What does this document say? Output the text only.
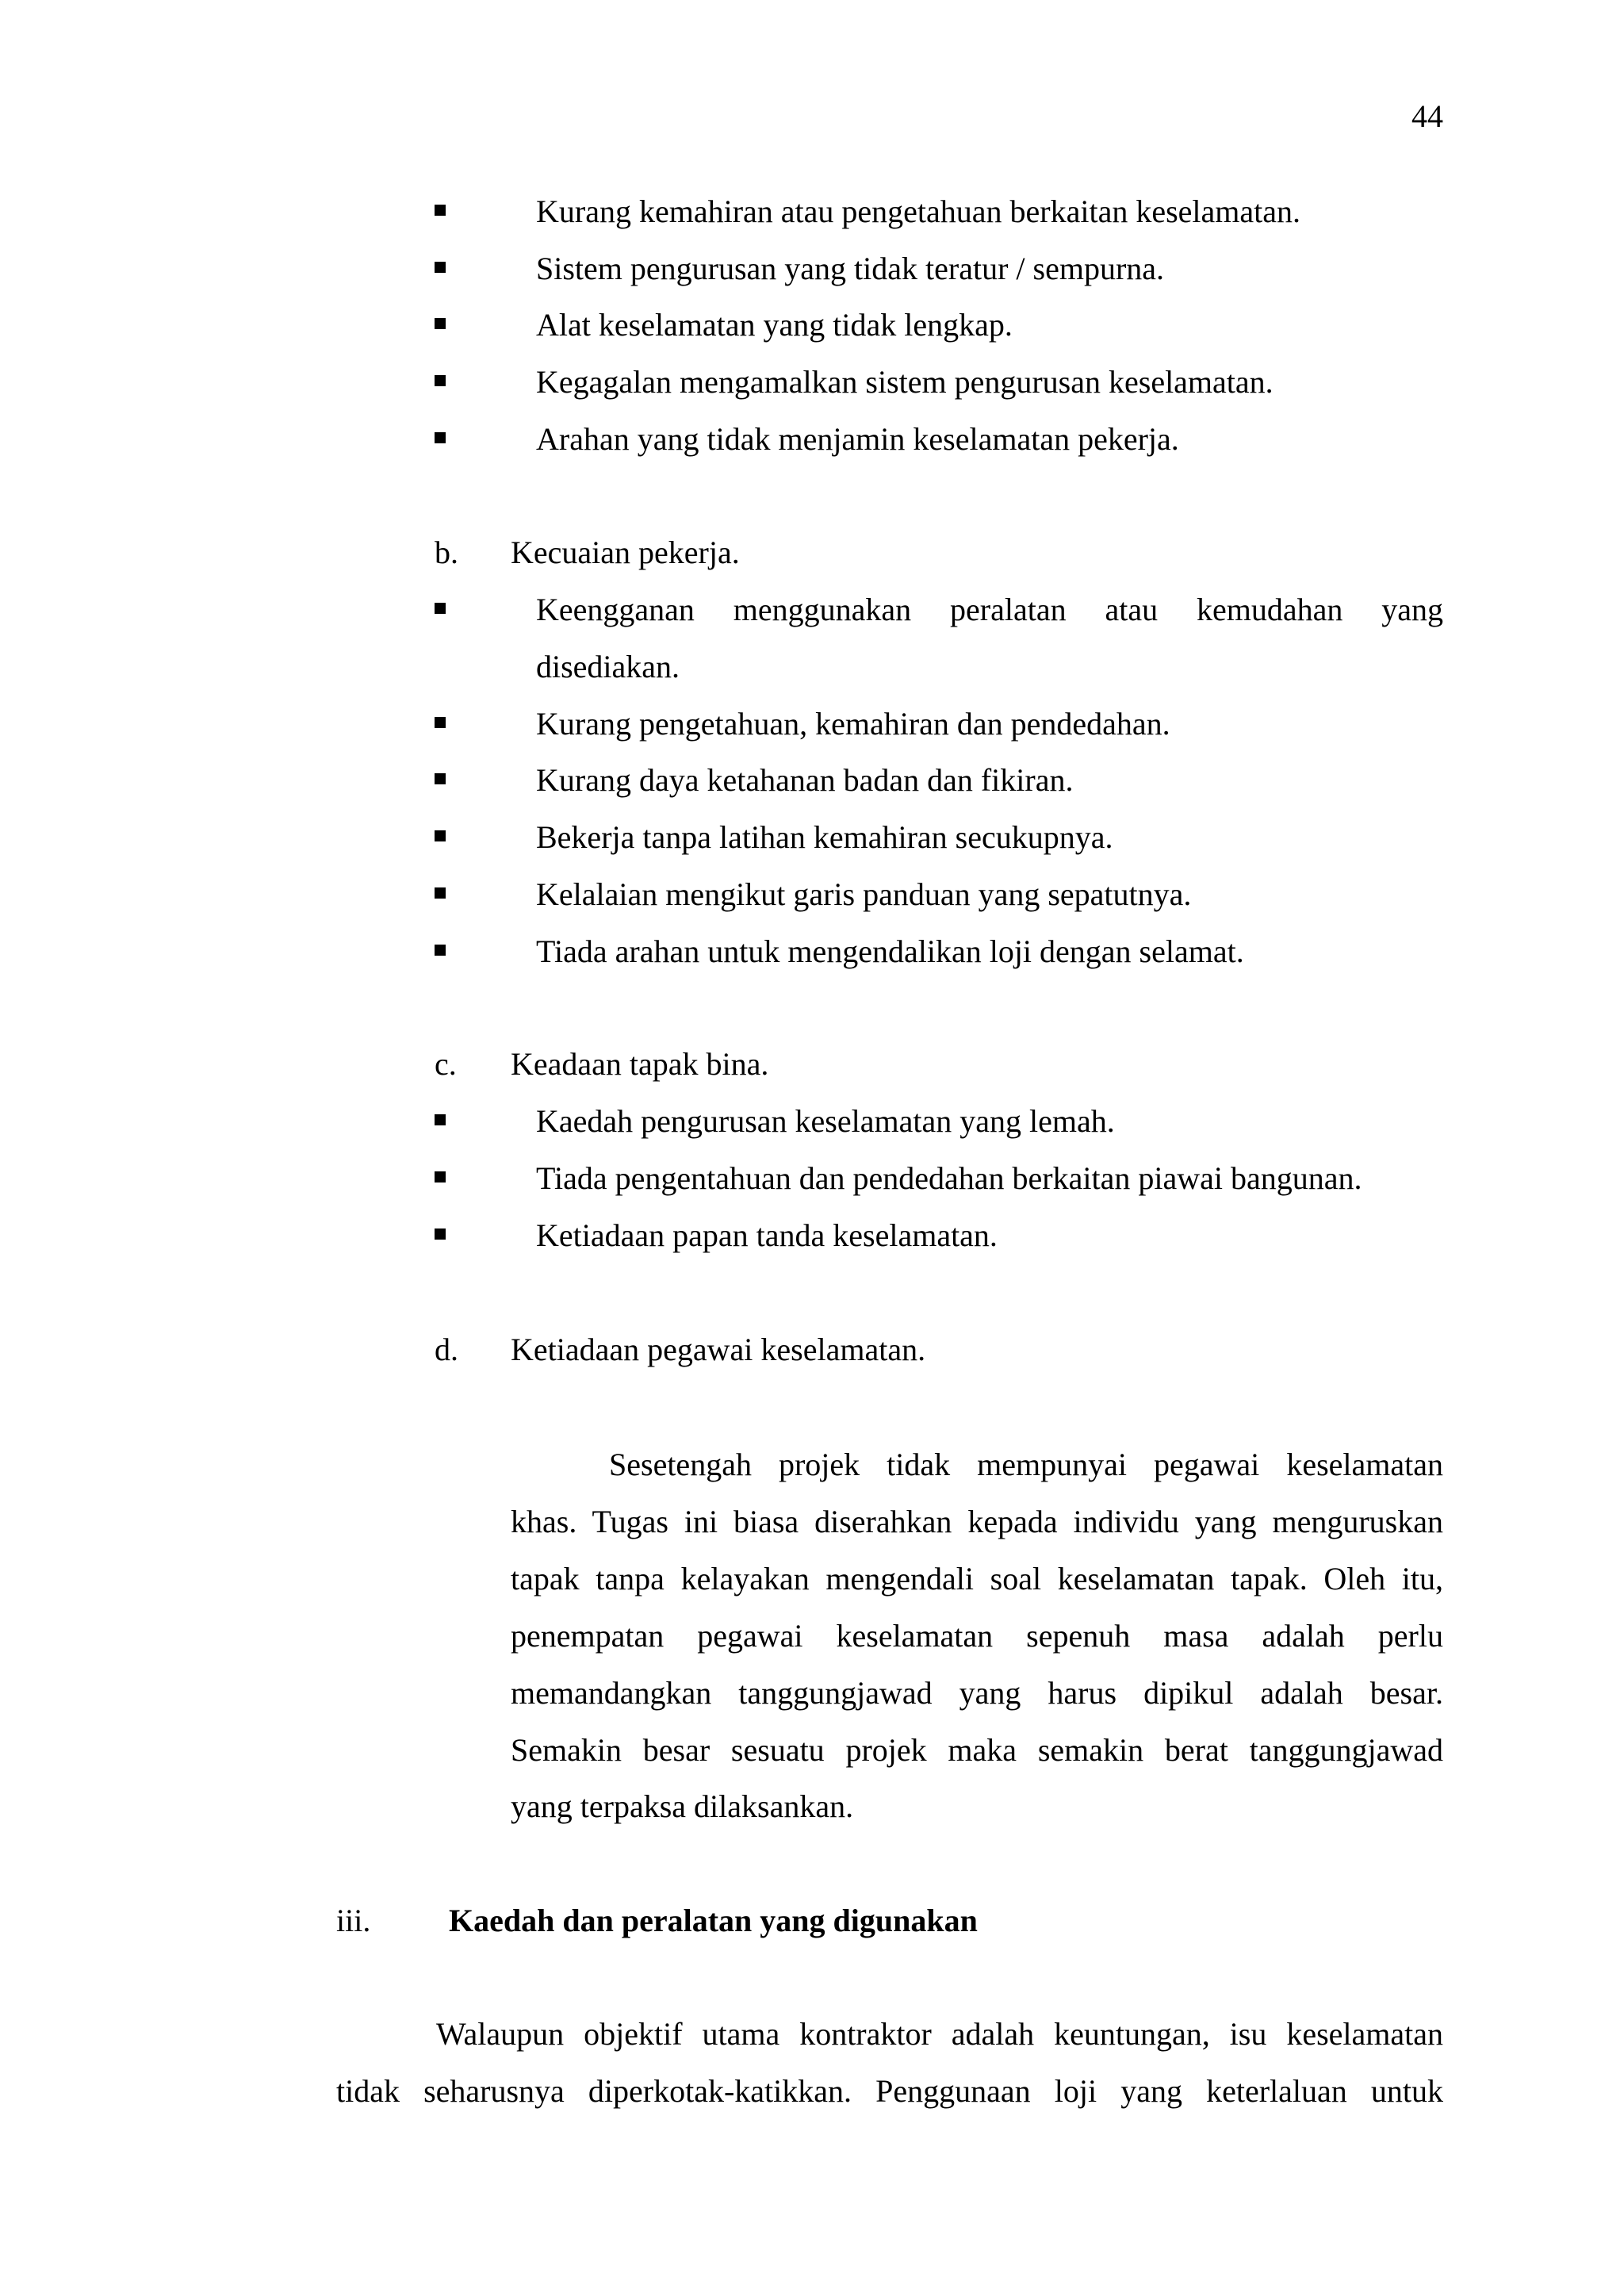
44
Kurang kemahiran atau pengetahuan berkaitan keselamatan.
Sistem pengurusan yang tidak teratur / sempurna.
Alat keselamatan yang tidak lengkap.
Kegagalan mengamalkan sistem pengurusan keselamatan.
Arahan yang tidak menjamin keselamatan pekerja.
b. Kecuaian pekerja.
Keengganan menggunakan peralatan atau kemudahan yang
disediakan.
Kurang pengetahuan, kemahiran dan pendedahan.
Kurang daya ketahanan badan dan fikiran.
Bekerja tanpa latihan kemahiran secukupnya.
Kelalaian mengikut garis panduan yang sepatutnya.
Tiada arahan untuk mengendalikan loji dengan selamat.
c. Keadaan tapak bina.
Kaedah pengurusan keselamatan yang lemah.
Tiada pengentahuan dan pendedahan berkaitan piawai bangunan.
Ketiadaan papan tanda keselamatan.
d. Ketiadaan pegawai keselamatan.
Sesetengah projek tidak mempunyai pegawai keselamatan
khas. Tugas ini biasa diserahkan kepada individu yang menguruskan
tapak tanpa kelayakan mengendali soal keselamatan tapak. Oleh itu,
penempatan pegawai keselamatan sepenuh masa adalah perlu
memandangkan tanggungjawad yang harus dipikul adalah besar.
Semakin besar sesuatu projek maka semakin berat tanggungjawad
yang terpaksa dilaksankan.
iii. Kaedah dan peralatan yang digunakan
Walaupun objektif utama kontraktor adalah keuntungan, isu keselamatan
tidak seharusnya diperkotak-katikkan. Penggunaan loji yang keterlaluan untuk
